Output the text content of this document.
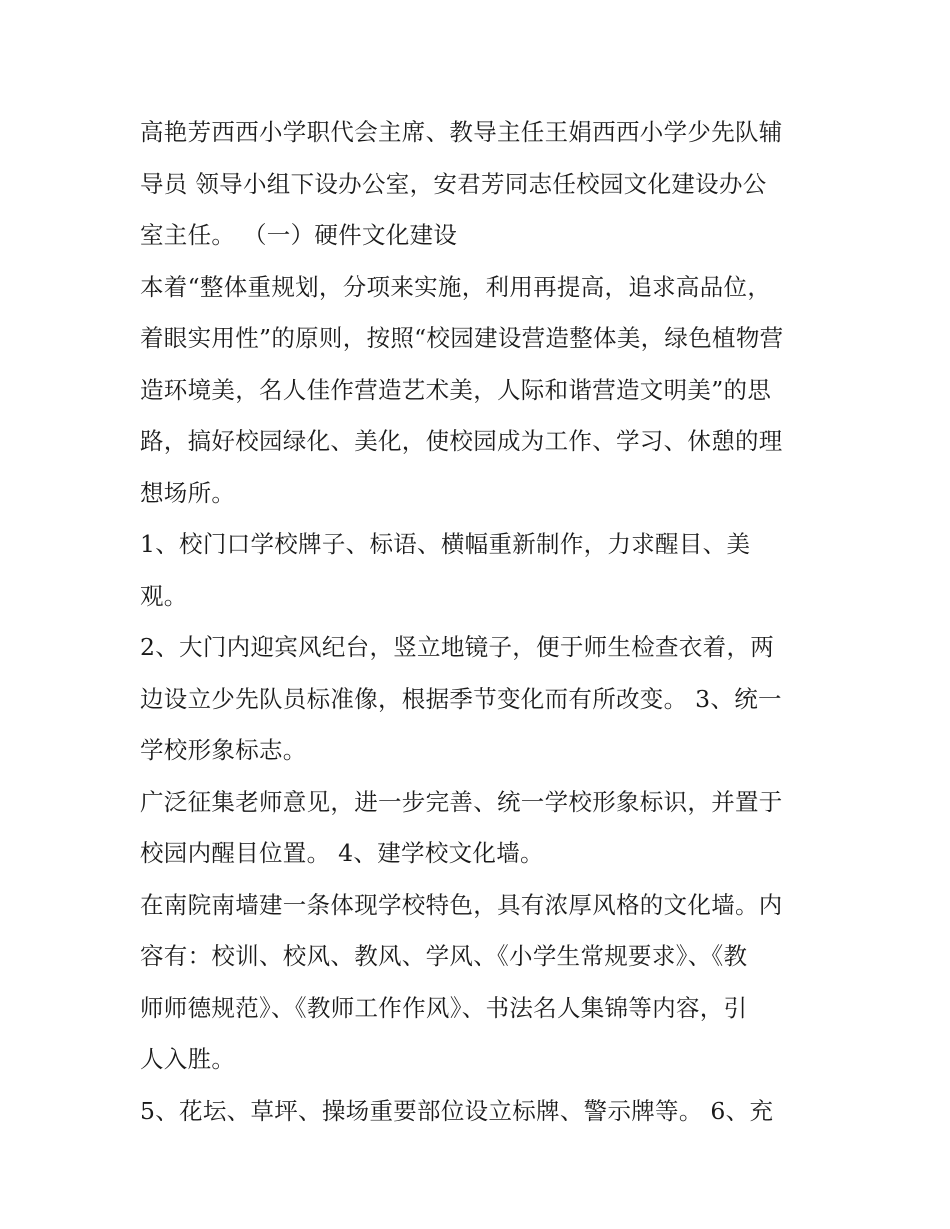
高艳芳西西小学职代会主席、教导主任王娟西西小学少先队辅
导员 领导小组下设办公室，安君芳同志任校园文化建设办公
室主任。 （一）硬件文化建设

本着“整体重规划，分项来实施，利用再提高，追求高品位，
着眼实用性”的原则，按照“校园建设营造整体美，绿色植物营
造环境美，名人佳作营造艺术美，人际和谐营造文明美”的思
路，搞好校园绿化、美化，使校园成为工作、学习、休憩的理
想场所。

1、校门口学校牌子、标语、横幅重新制作，力求醒目、美
观。

2、大门内迎宾风纪台，竖立地镜子，便于师生检查衣着，两
边设立少先队员标准像，根据季节变化而有所改变。 3、统一
学校形象标志。

广泛征集老师意见，进一步完善、统一学校形象标识，并置于
校园内醒目位置。 4、建学校文化墙。

在南院南墙建一条体现学校特色，具有浓厚风格的文化墙。内
容有：校训、校风、教风、学风、《小学生常规要求》、《教
师师德规范》、《教师工作作风》、书法名人集锦等内容，引
人入胜。

5、花坛、草坪、操场重要部位设立标牌、警示牌等。 6、充
